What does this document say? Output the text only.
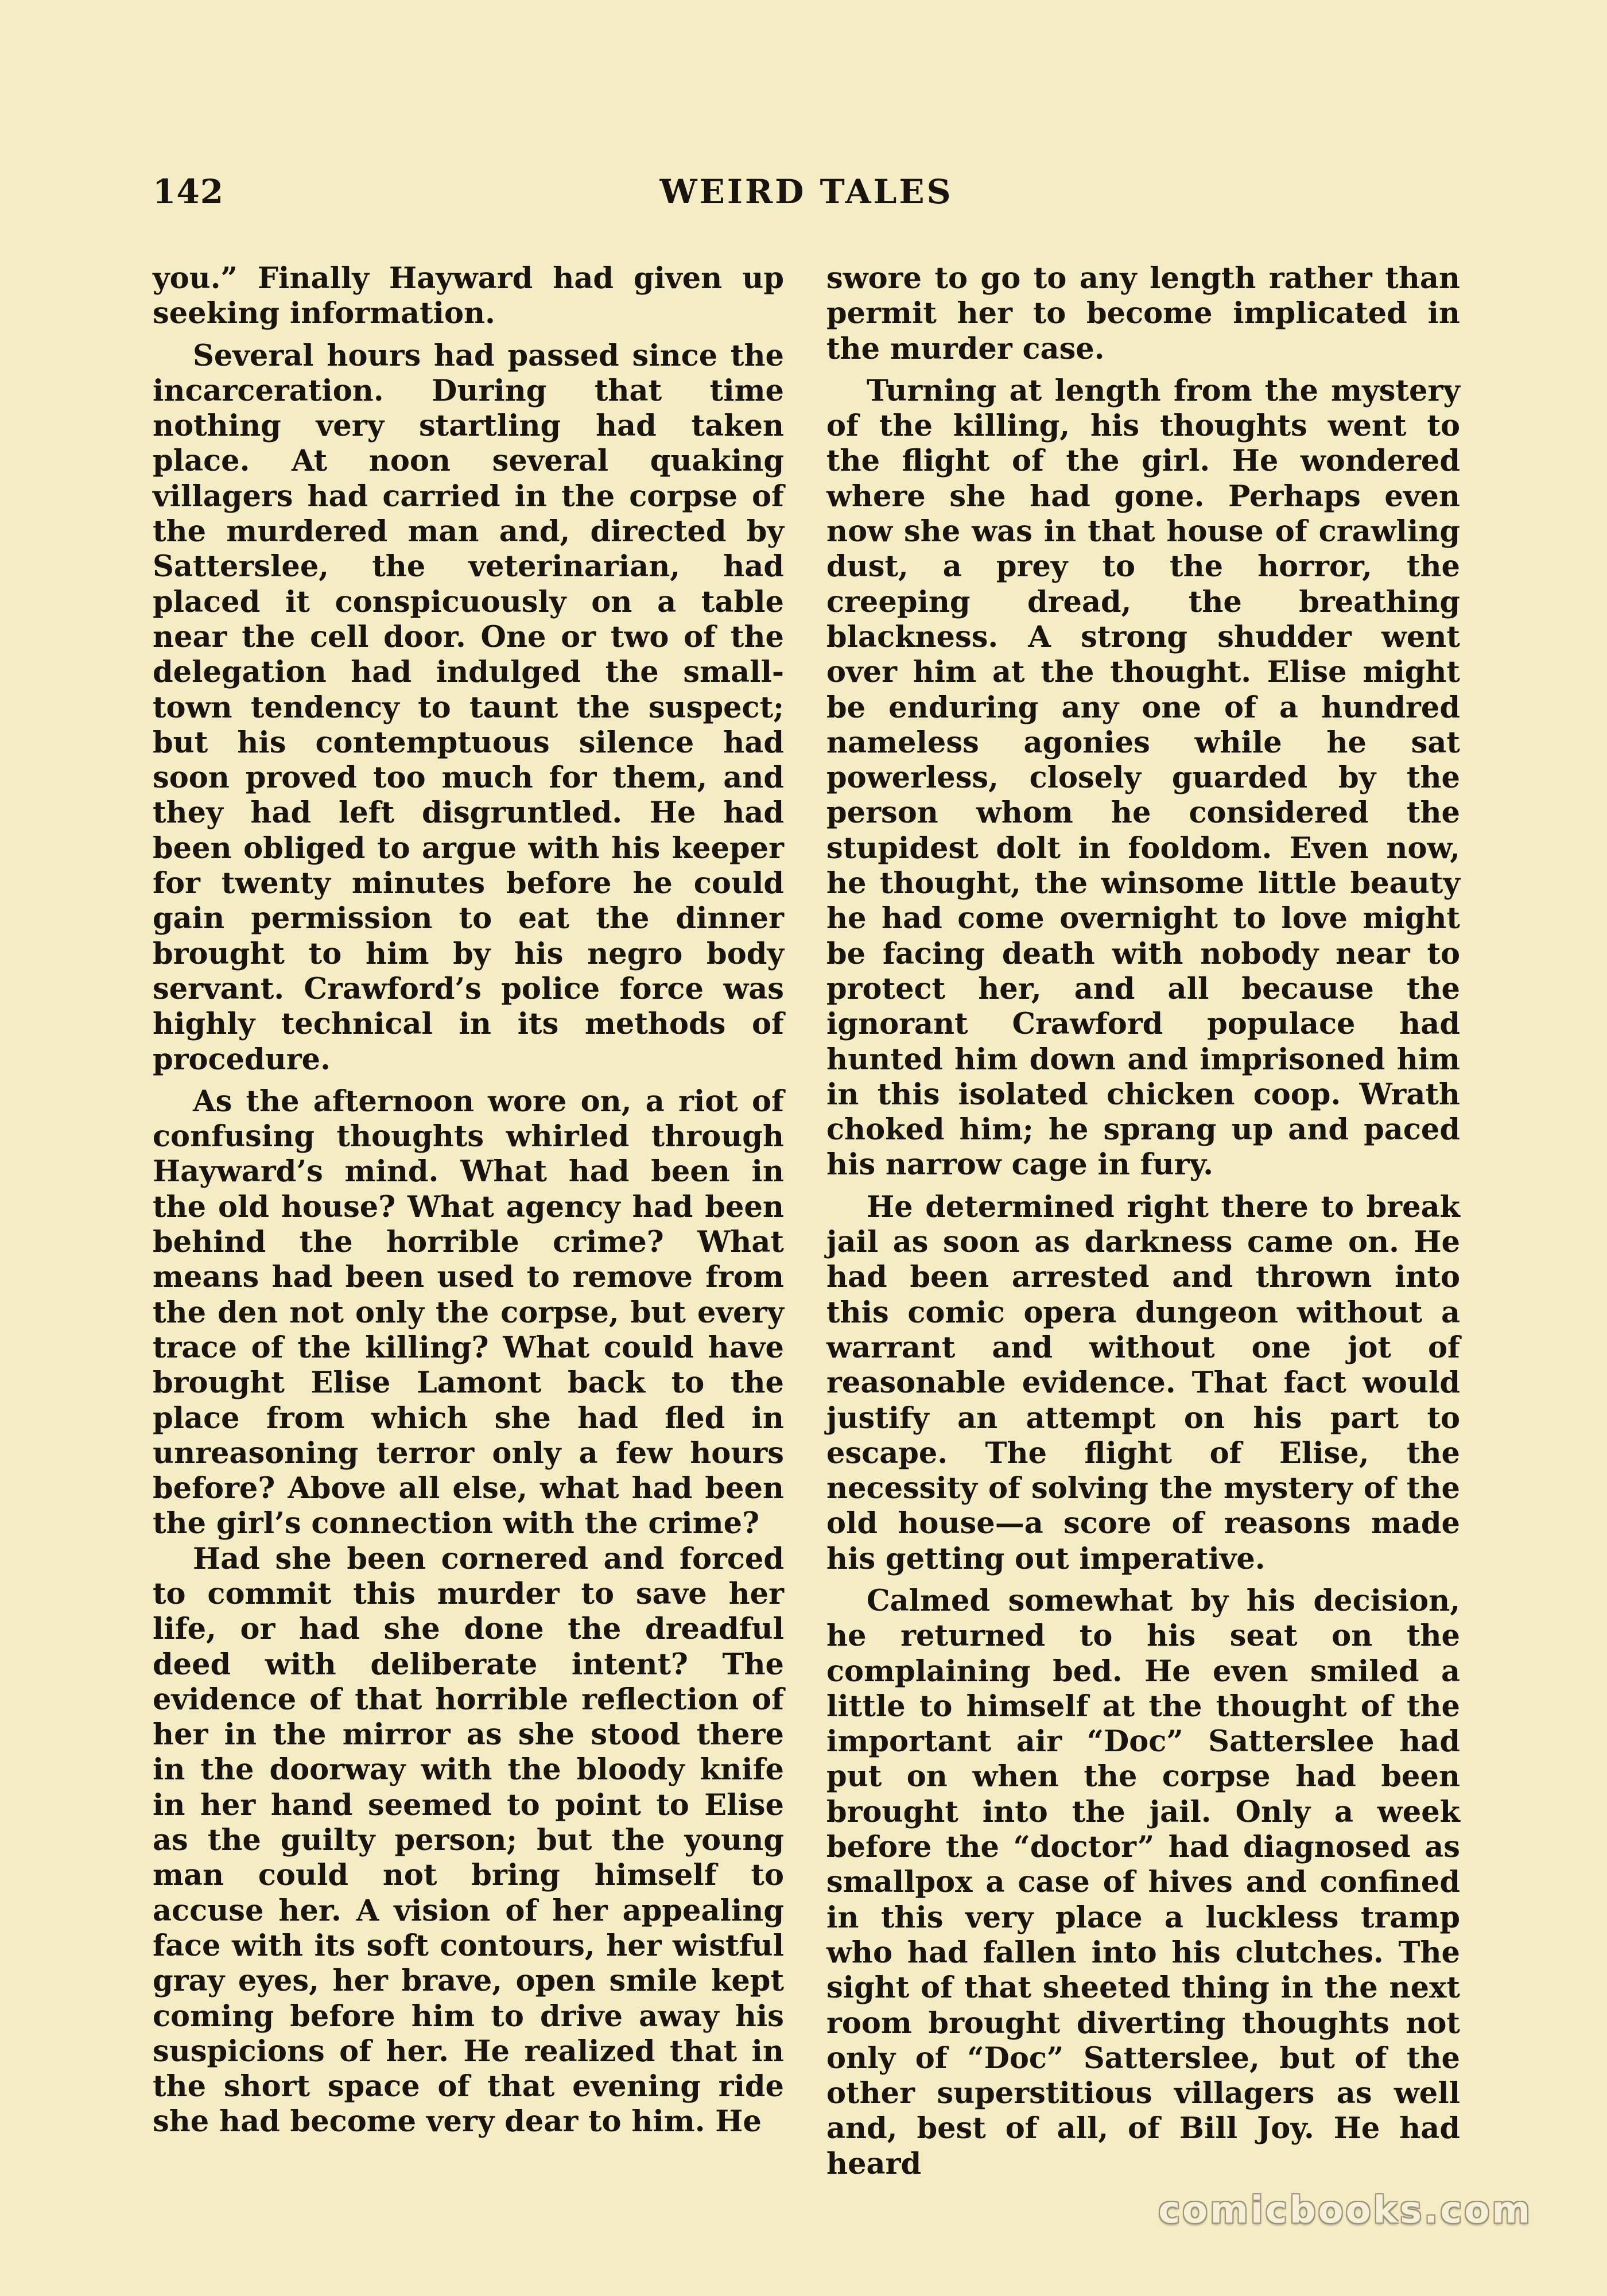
142	WEIRD TALES

you.” Finally Hayward had given up seeking information.

Several hours had passed since the incarceration. During that time nothing very startling had taken place. At noon several quaking villagers had carried in the corpse of the murdered man and, directed by Satterslee, the veterinarian, had placed it conspicuously on a table near the cell door. One or two of the delegation had indulged the small-town tendency to taunt the suspect; but his contemptuous silence had soon proved too much for them, and they had left disgruntled. He had been obliged to argue with his keeper for twenty minutes before he could gain permission to eat the dinner brought to him by his negro body servant. Crawford’s police force was highly technical in its methods of procedure.

As the afternoon wore on, a riot of confusing thoughts whirled through Hayward’s mind. What had been in the old house? What agency had been behind the horrible crime? What means had been used to remove from the den not only the corpse, but every trace of the killing? What could have brought Elise Lamont back to the place from which she had fled in unreasoning terror only a few hours before? Above all else, what had been the girl’s connection with the crime?

Had she been cornered and forced to commit this murder to save her life, or had she done the dreadful deed with deliberate intent? The evidence of that horrible reflection of her in the mirror as she stood there in the doorway with the bloody knife in her hand seemed to point to Elise as the guilty person; but the young man could not bring himself to accuse her. A vision of her appealing face with its soft contours, her wistful gray eyes, her brave, open smile kept coming before him to drive away his suspicions of her. He realized that in the short space of that evening ride she had become very dear to him. He

swore to go to any length rather than permit her to become implicated in the murder case.

Turning at length from the mystery of the killing, his thoughts went to the flight of the girl. He wondered where she had gone. Perhaps even now she was in that house of crawling dust, a prey to the horror, the creeping dread, the breathing blackness. A strong shudder went over him at the thought. Elise might be enduring any one of a hundred nameless agonies while he sat powerless, closely guarded by the person whom he considered the stupidest dolt in fooldom. Even now, he thought, the winsome little beauty he had come overnight to love might be facing death with nobody near to protect her, and all because the ignorant Crawford populace had hunted him down and imprisoned him in this isolated chicken coop. Wrath choked him; he sprang up and paced his narrow cage in fury.

He determined right there to break jail as soon as darkness came on. He had been arrested and thrown into this comic opera dungeon without a warrant and without one jot of reasonable evidence. That fact would justify an attempt on his part to escape. The flight of Elise, the necessity of solving the mystery of the old house—a score of reasons made his getting out imperative.

Calmed somewhat by his decision, he returned to his seat on the complaining bed. He even smiled a little to himself at the thought of the important air “Doc” Satterslee had put on when the corpse had been brought into the jail. Only a week before the “doctor” had diagnosed as smallpox a case of hives and confined in this very place a luckless tramp who had fallen into his clutches. The sight of that sheeted thing in the next room brought diverting thoughts not only of “Doc” Satterslee, but of the other superstitious villagers as well and, best of all, of Bill Joy. He had heard

comicbooks.com
